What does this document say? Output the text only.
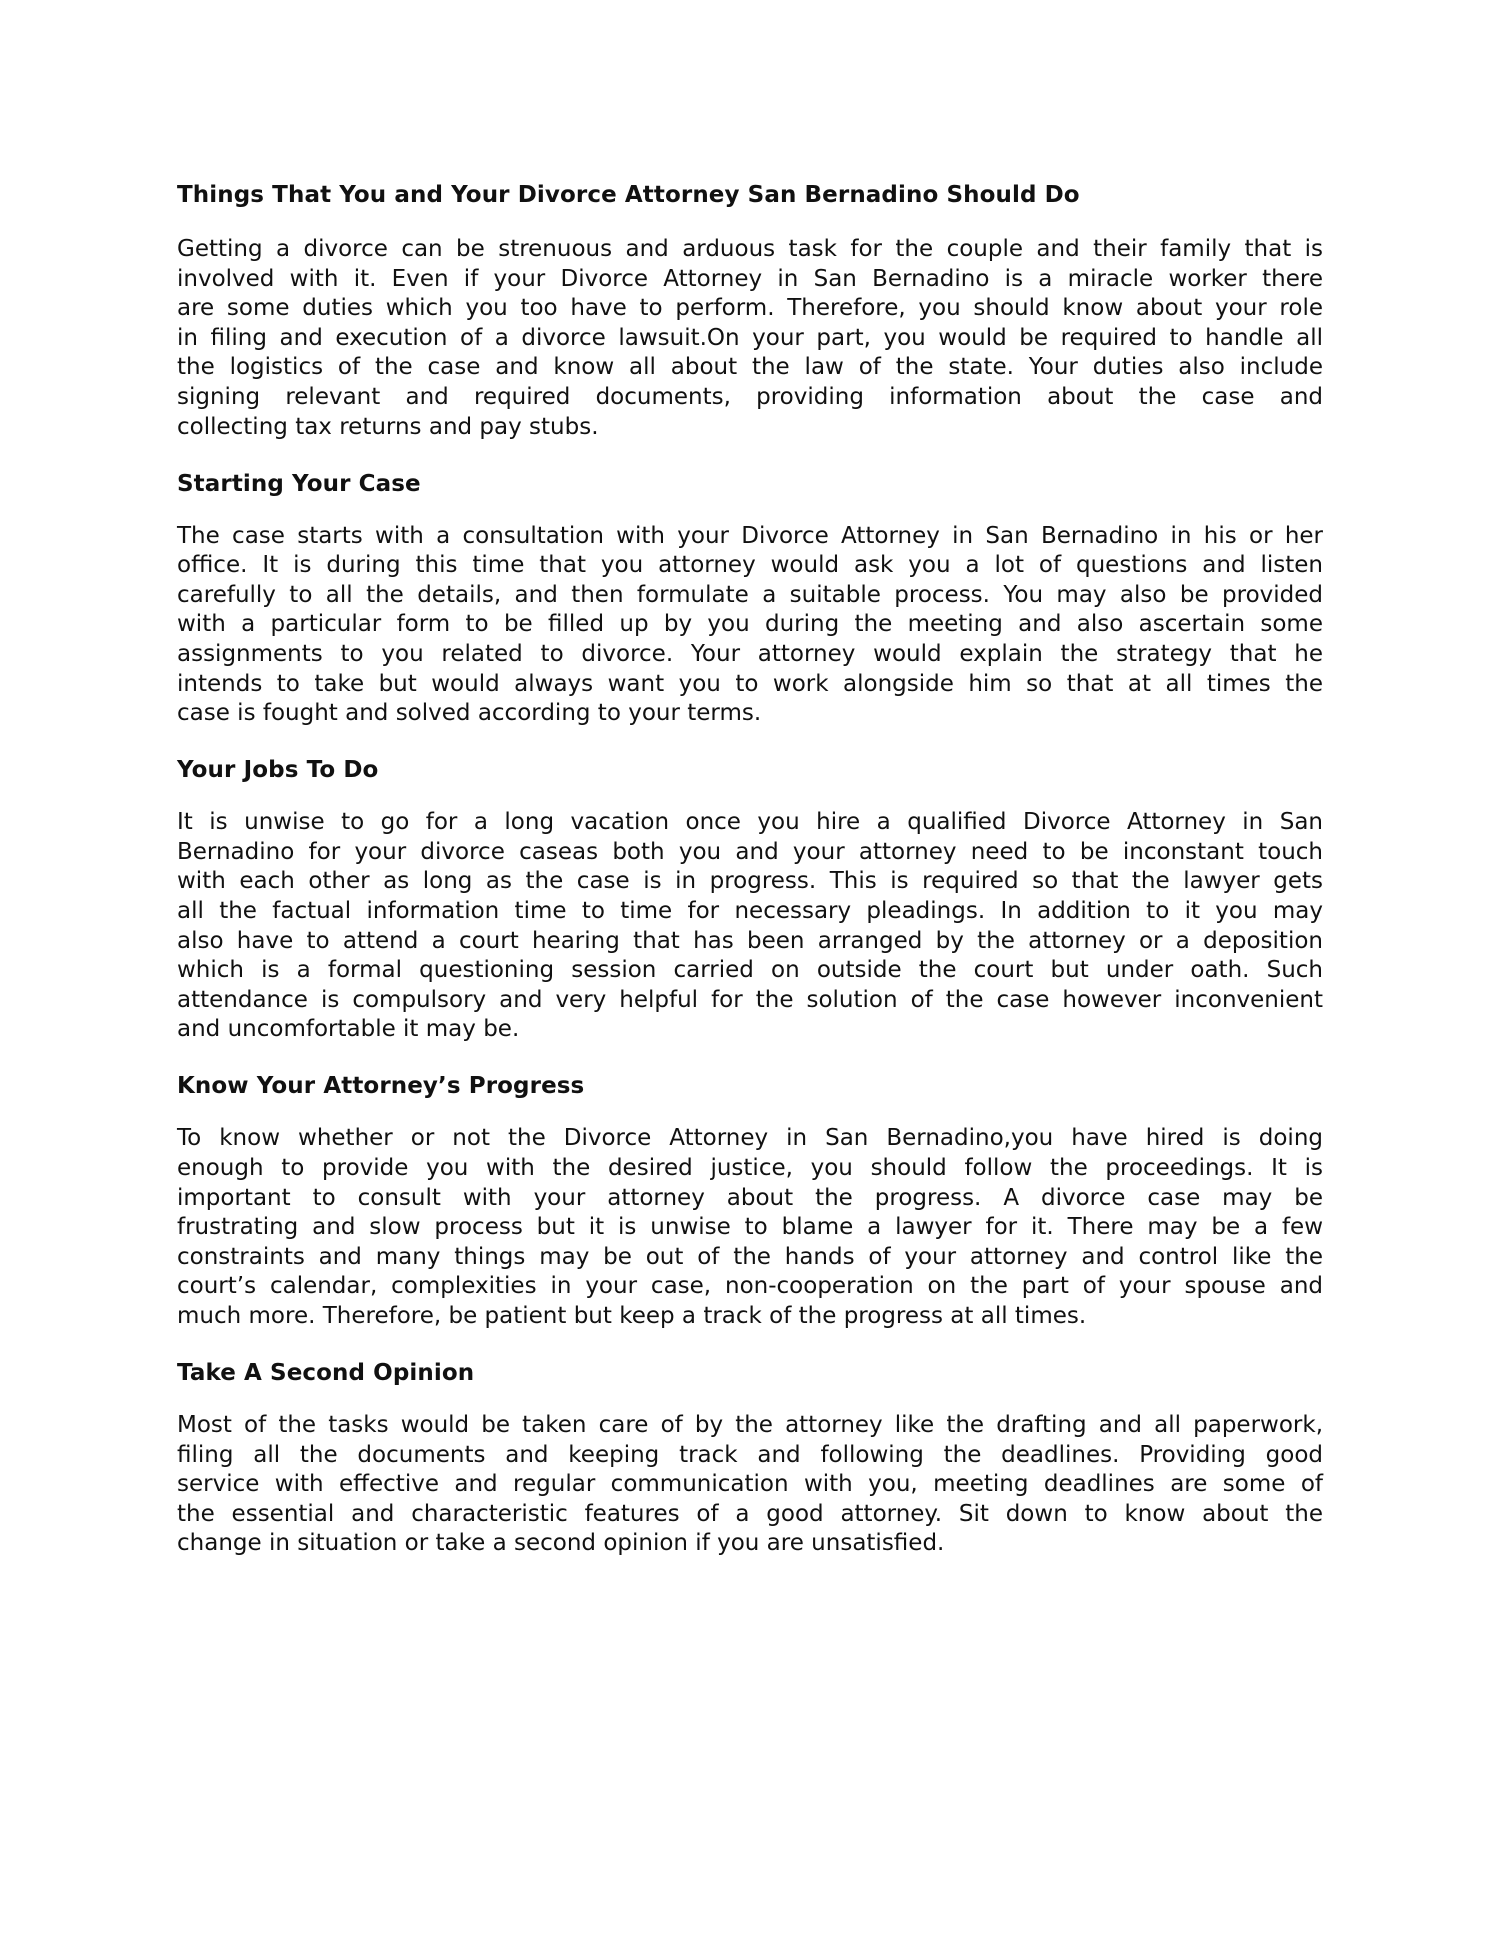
Things That You and Your Divorce Attorney San Bernadino Should Do
Getting a divorce can be strenuous and arduous task for the couple and their family that is
involved with it. Even if your Divorce Attorney in San Bernadino is a miracle worker there
are some duties which you too have to perform. Therefore, you should know about your role
in filing and execution of a divorce lawsuit.On your part, you would be required to handle all
the logistics of the case and know all about the law of the state. Your duties also include
signing relevant and required documents, providing information about the case and
collecting tax returns and pay stubs.
Starting Your Case
The case starts with a consultation with your Divorce Attorney in San Bernadino in his or her
office. It is during this time that you attorney would ask you a lot of questions and listen
carefully to all the details, and then formulate a suitable process. You may also be provided
with a particular form to be filled up by you during the meeting and also ascertain some
assignments to you related to divorce. Your attorney would explain the strategy that he
intends to take but would always want you to work alongside him so that at all times the
case is fought and solved according to your terms.
Your Jobs To Do
It is unwise to go for a long vacation once you hire a qualified Divorce Attorney in San
Bernadino for your divorce caseas both you and your attorney need to be inconstant touch
with each other as long as the case is in progress. This is required so that the lawyer gets
all the factual information time to time for necessary pleadings. In addition to it you may
also have to attend a court hearing that has been arranged by the attorney or a deposition
which is a formal questioning session carried on outside the court but under oath. Such
attendance is compulsory and very helpful for the solution of the case however inconvenient
and uncomfortable it may be.
Know Your Attorney’s Progress
To know whether or not the Divorce Attorney in San Bernadino,you have hired is doing
enough to provide you with the desired justice, you should follow the proceedings. It is
important to consult with your attorney about the progress. A divorce case may be
frustrating and slow process but it is unwise to blame a lawyer for it. There may be a few
constraints and many things may be out of the hands of your attorney and control like the
court’s calendar, complexities in your case, non-cooperation on the part of your spouse and
much more. Therefore, be patient but keep a track of the progress at all times.
Take A Second Opinion
Most of the tasks would be taken care of by the attorney like the drafting and all paperwork,
filing all the documents and keeping track and following the deadlines. Providing good
service with effective and regular communication with you, meeting deadlines are some of
the essential and characteristic features of a good attorney. Sit down to know about the
change in situation or take a second opinion if you are unsatisfied.
